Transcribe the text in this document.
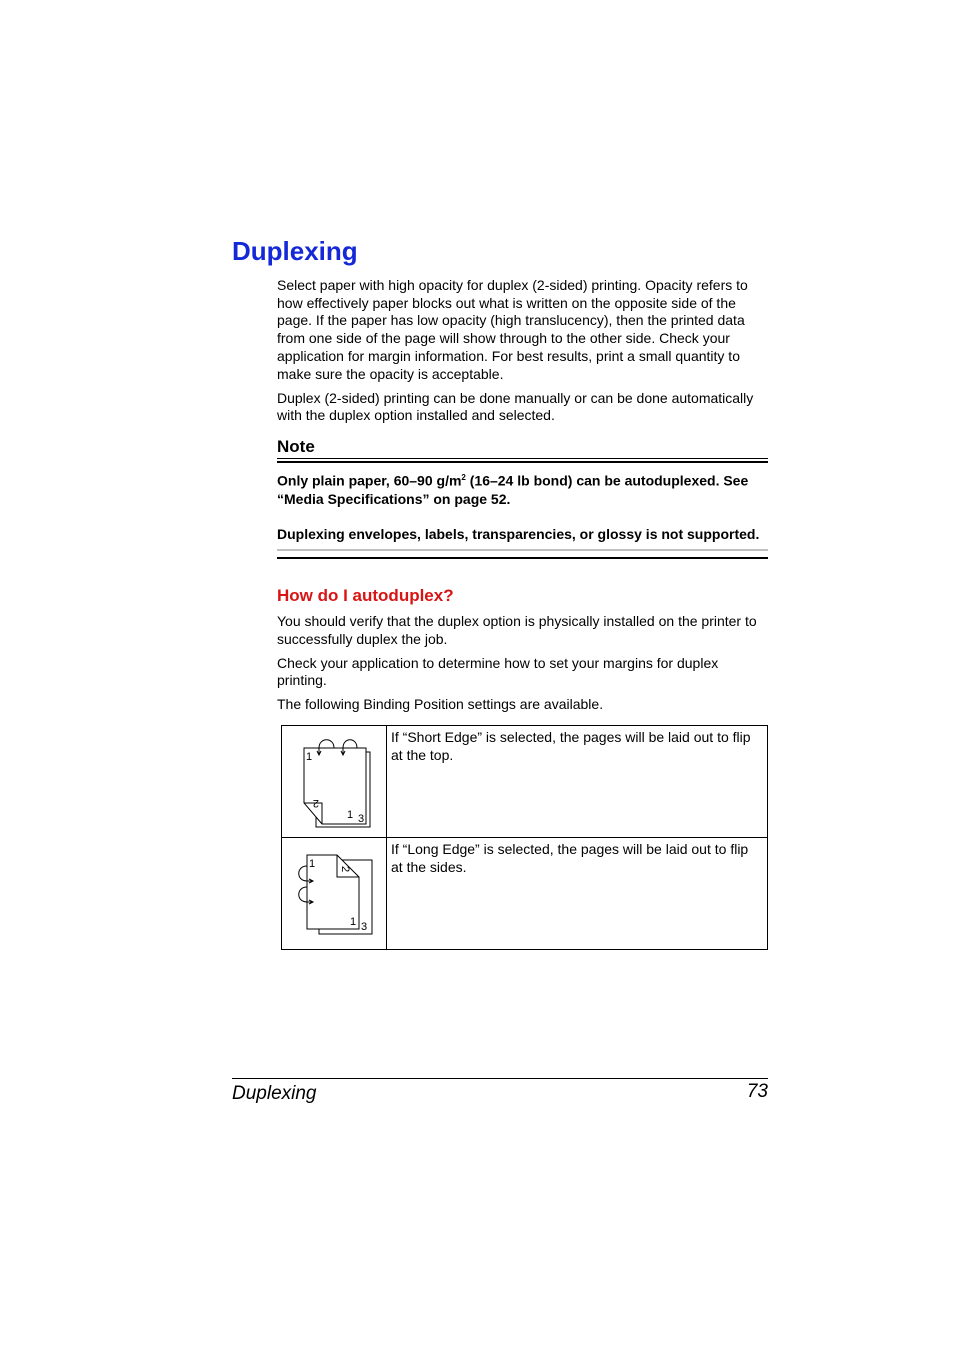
Duplexing

Select paper with high opacity for duplex (2-sided) printing. Opacity refers to how effectively paper blocks out what is written on the opposite side of the page. If the paper has low opacity (high translucency), then the printed data from one side of the page will show through to the other side. Check your application for margin information. For best results, print a small quantity to make sure the opacity is acceptable.

Duplex (2-sided) printing can be done manually or can be done automatically with the duplex option installed and selected.

Note

Only plain paper, 60–90 $g/m^2$ (16–24 lb bond) can be autoduplexed. See “Media Specifications” on page 52.

Duplexing envelopes, labels, transparencies, or glossy is not supported.

How do I autoduplex?

You should verify that the duplex option is physically installed on the printer to successfully duplex the job.

Check your application to determine how to set your margins for duplex printing.

The following Binding Position settings are available.

1
2
1 3	If “Short Edge” is selected, the pages will be laid out to flip at the top.

1 2
1 3	If “Long Edge” is selected, the pages will be laid out to flip at the sides.
Duplexing	73
